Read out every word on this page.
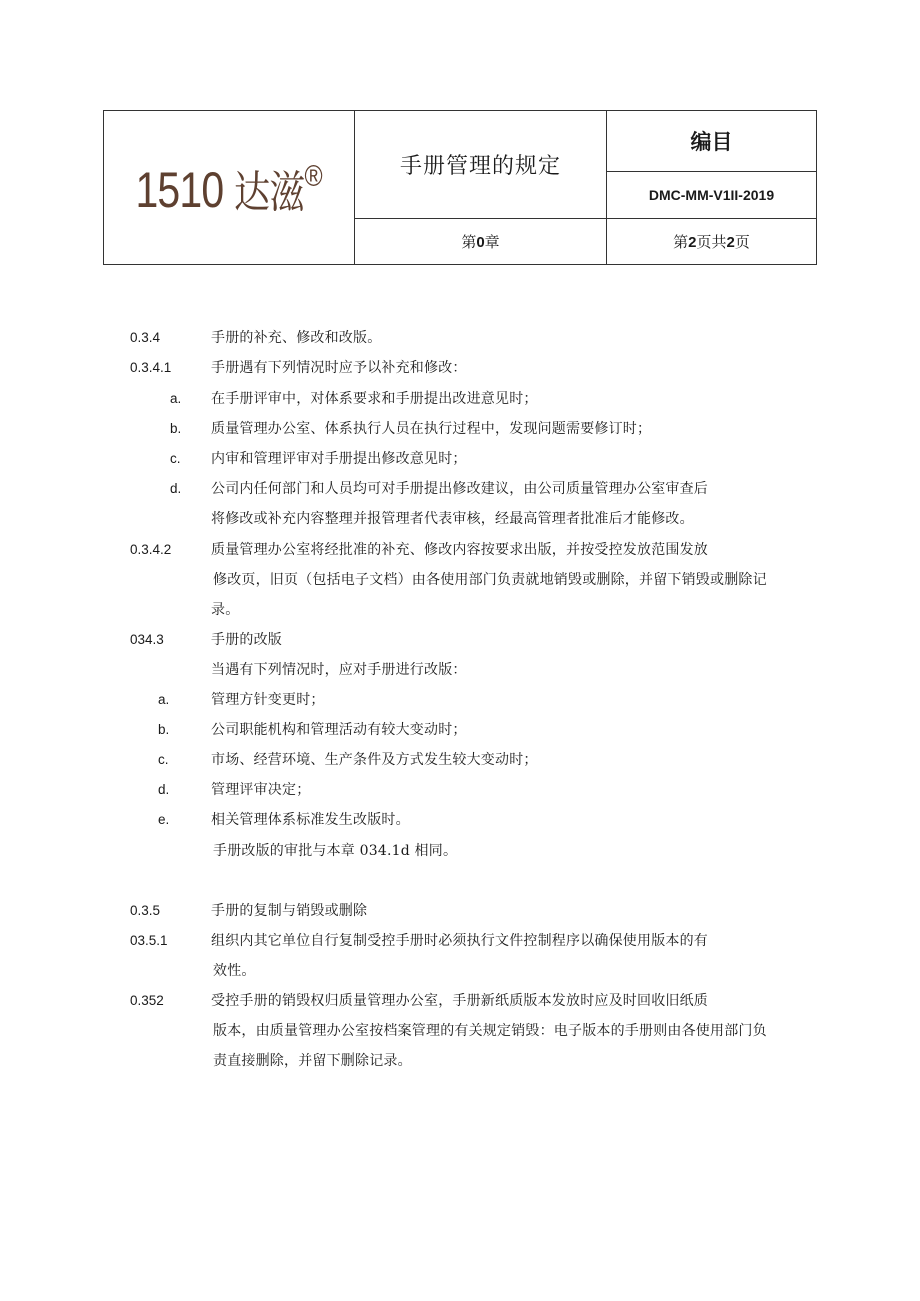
1510 达滋®	手册管理的规定
第0章
编目
DMC-MM-V1II-2019
第2页共2页
0.3.4	手册的补充、修改和改版。
0.3.4.1	手册遇有下列情况时应予以补充和修改：
a. 在手册评审中，对体系要求和手册提出改进意见时；
b. 质量管理办公室、体系执行人员在执行过程中，发现问题需要修订时；
c. 内审和管理评审对手册提出修改意见时；
d. 公司内任何部门和人员均可对手册提出修改建议，由公司质量管理办公室审查后
将修改或补充内容整理并报管理者代表审核，经最高管理者批准后才能修改。
0.3.4.2	质量管理办公室将经批准的补充、修改内容按要求出版，并按受控发放范围发放
修改页，旧页（包括电子文档）由各使用部门负责就地销毁或删除，并留下销毁或删除记
录。
034.3	手册的改版
当遇有下列情况时，应对手册进行改版：
a.	管理方针变更时；
b.	公司职能机构和管理活动有较大变动时；
c.	市场、经营环境、生产条件及方式发生较大变动时；
d.	管理评审决定；
e.	相关管理体系标准发生改版时。
手册改版的审批与本章 034.1d 相同。
0.3.5	手册的复制与销毁或删除
03.5.1	组织内其它单位自行复制受控手册时必须执行文件控制程序以确保使用版本的有
效性。
0.352	受控手册的销毁权归质量管理办公室，手册新纸质版本发放时应及时回收旧纸质
版本，由质量管理办公室按档案管理的有关规定销毁：电子版本的手册则由各使用部门负
责直接删除，并留下删除记录。
